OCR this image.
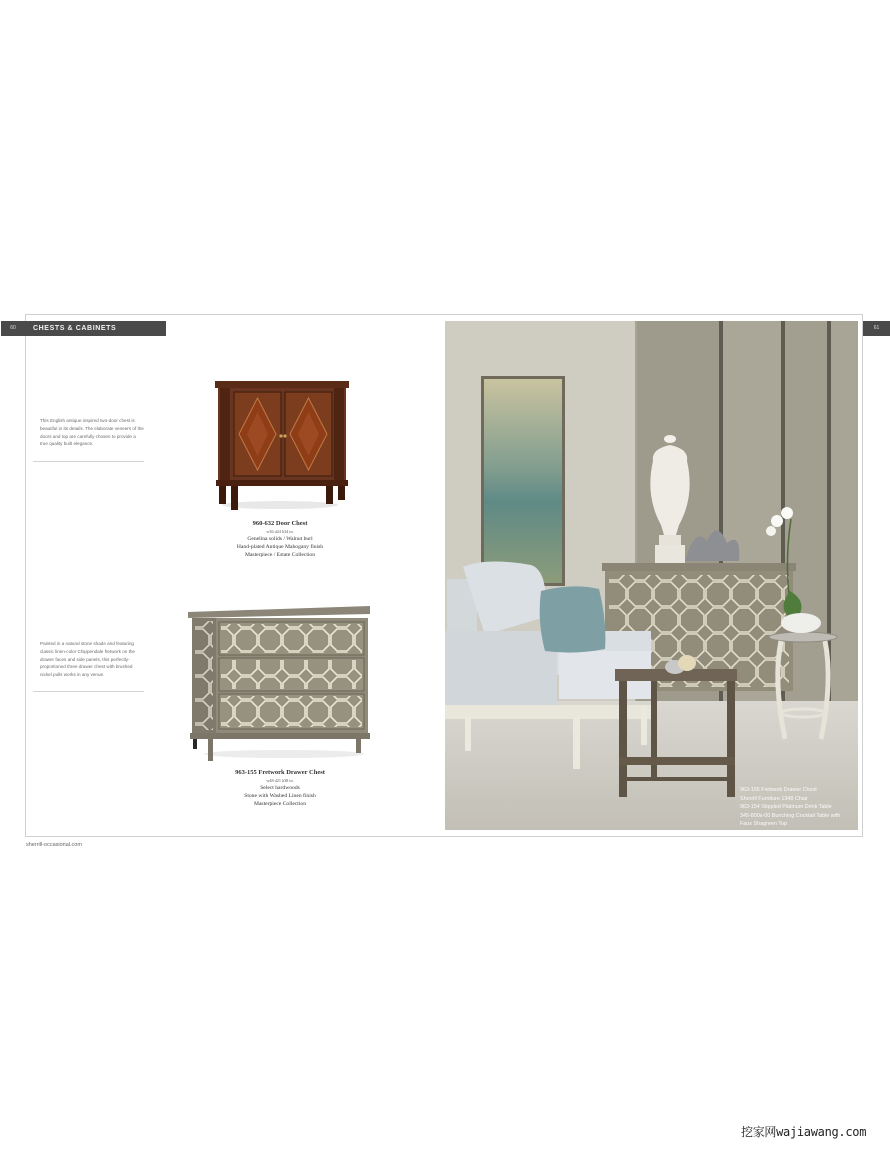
60	CHESTS & CABINETS	61
This English antique inspired two-door chest is beautiful in its details. The elaborate veneers of the doors and top are carefully chosen to provide a true quality built elegance.
960-632 Door Chest
w36 d24 h34 in.
Genelina solids / Walnut burl
Hand-plated Antique Mahogany finish
Masterpiece / Estate Collection
Painted in a natural stone shade and featuring classic linen-color Chippendale fretwork on the drawer faces and side panels, this perfectly-proportioned three drawer chest with brushed nickel pulls works in any venue.
963-155 Fretwork Drawer Chest
w48 d21 h38 in.
Select hardwoods
Stone with Washed Linen finish
Masterpiece Collection
963-155 Fretwork Drawer Chest
Sherrill Furniture 1348 Chair
963-154 Stippled Platinum Drink Table
345-800s-00 Bunching Cocktail Table with
Faux Shagreen Top
sherrill-occasional.com
挖家网wajiawang.com
